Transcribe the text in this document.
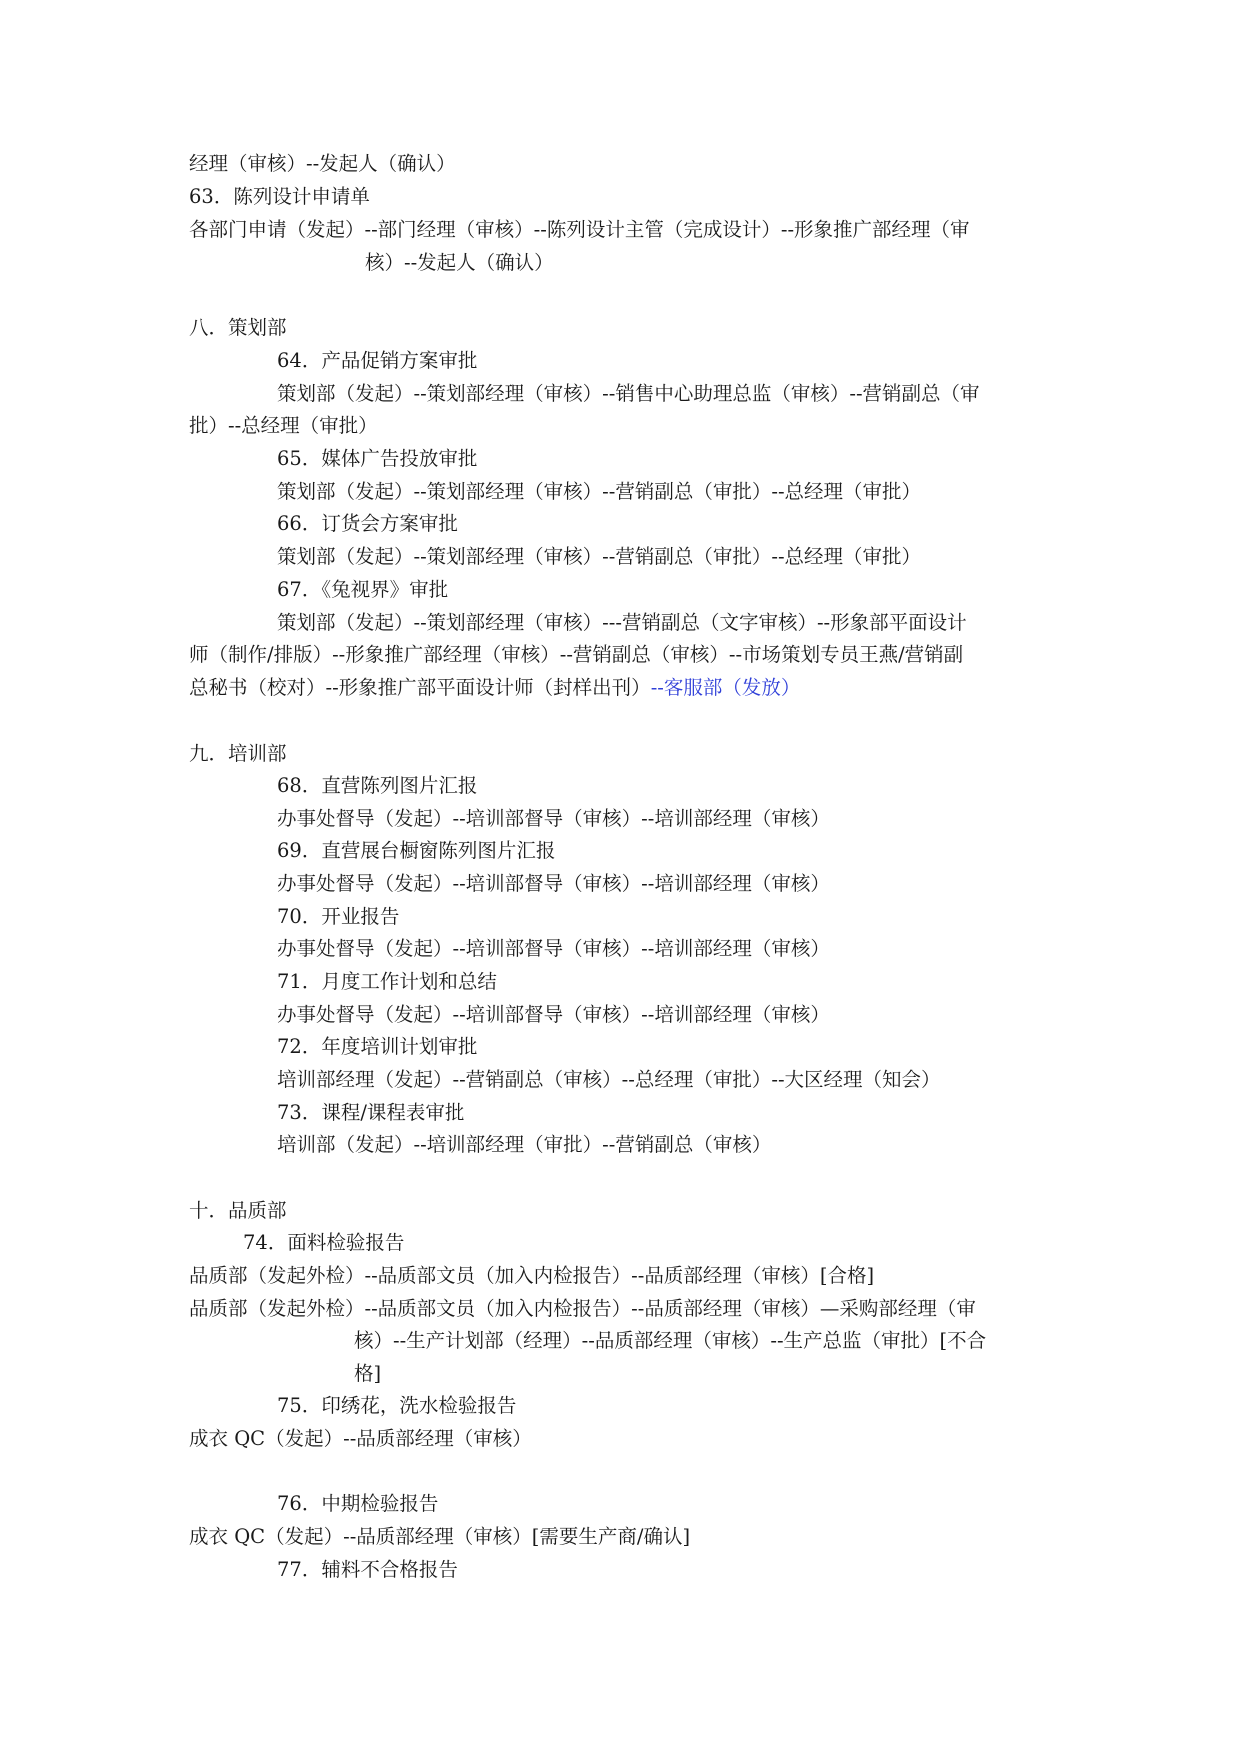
经理（审核）--发起人（确认）
63．陈列设计申请单
各部门申请（发起）--部门经理（审核）--陈列设计主管（完成设计）--形象推广部经理（审
核）--发起人（确认）
八．策划部
64．产品促销方案审批
策划部（发起）--策划部经理（审核）--销售中心助理总监（审核）--营销副总（审
批）--总经理（审批）
65．媒体广告投放审批
策划部（发起）--策划部经理（审核）--营销副总（审批）--总经理（审批）
66．订货会方案审批
策划部（发起）--策划部经理（审核）--营销副总（审批）--总经理（审批）
67．《兔视界》审批
策划部（发起）--策划部经理（审核）---营销副总（文字审核）--形象部平面设计
师（制作/排版）--形象推广部经理（审核）--营销副总（审核）--市场策划专员王燕/营销副
总秘书（校对）--形象推广部平面设计师（封样出刊）--客服部（发放）
九．培训部
68．直营陈列图片汇报
办事处督导（发起）--培训部督导（审核）--培训部经理（审核）
69．直营展台橱窗陈列图片汇报
办事处督导（发起）--培训部督导（审核）--培训部经理（审核）
70．开业报告
办事处督导（发起）--培训部督导（审核）--培训部经理（审核）
71．月度工作计划和总结
办事处督导（发起）--培训部督导（审核）--培训部经理（审核）
72．年度培训计划审批
培训部经理（发起）--营销副总（审核）--总经理（审批）--大区经理（知会）
73．课程/课程表审批
培训部（发起）--培训部经理（审批）--营销副总（审核）
十．品质部
74．面料检验报告
品质部（发起外检）--品质部文员（加入内检报告）--品质部经理（审核）[合格]
品质部（发起外检）--品质部文员（加入内检报告）--品质部经理（审核）—采购部经理（审
核）--生产计划部（经理）--品质部经理（审核）--生产总监（审批）[不合
格]
75．印绣花，洗水检验报告
成衣 QC（发起）--品质部经理（审核）
76．中期检验报告
成衣 QC（发起）--品质部经理（审核）[需要生产商/确认]
77．辅料不合格报告
